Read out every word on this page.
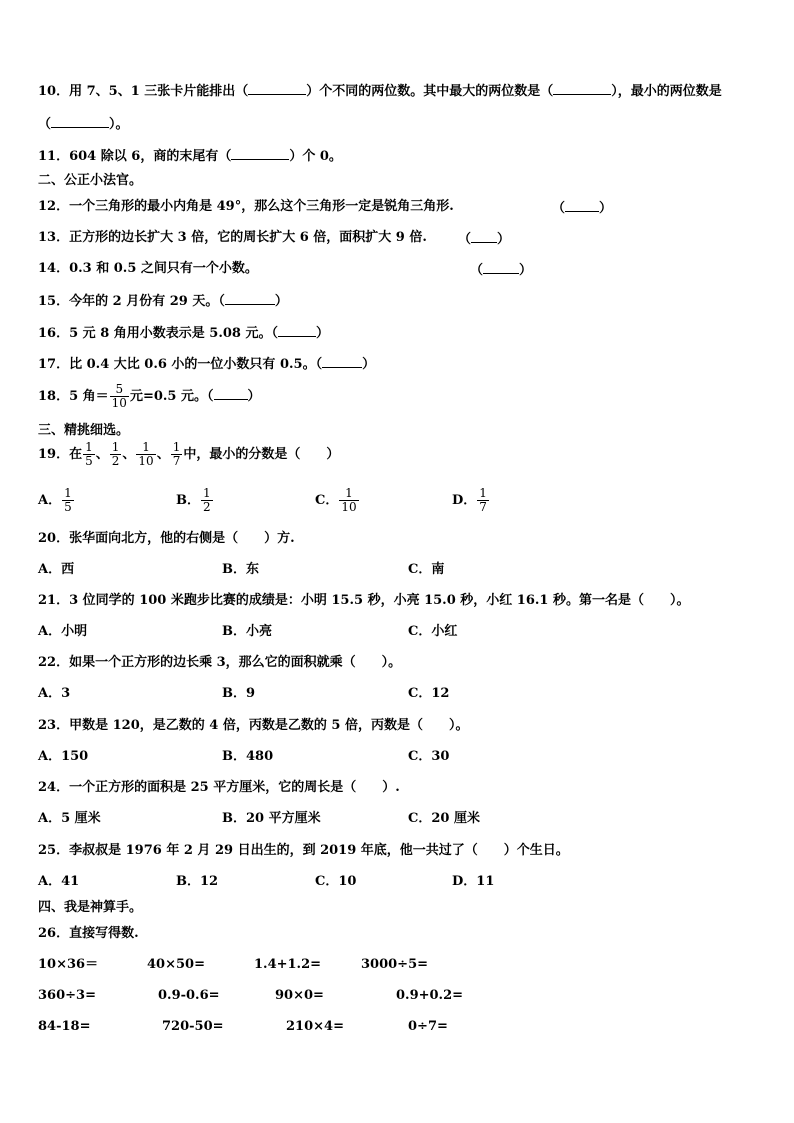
10．用 7、5、1 三张卡片能排出（	）个不同的两位数。其中最大的两位数是（	），最小的两位数是
（	）。
11．604 除以 6，商的末尾有（	）个 0。
二、公正小法官。
12．一个三角形的最小内角是 49°，那么这个三角形一定是锐角三角形.	（	）
13．正方形的边长扩大 3 倍，它的周长扩大 6 倍，面积扩大 9 倍. （ ）
14．0.3 和 0.5 之间只有一个小数。	（	）
15．今年的 2 月份有 29 天。（	）
16．5 元 8 角用小数表示是 5.08 元。（	）
17．比 0.4 大比 0.6 小的一位小数只有 0.5。（	）
18．5 角＝ $\frac{5}{10}$ 元=0.5 元。（	）
三、精挑细选。
19．在 $\frac{1}{5}$ 、 $\frac{1}{2}$ 、 $\frac{1}{10}$ 、 $\frac{1}{7}$ 中，最小的分数是（　　）
A． $\frac{1}{5}$	B． $\frac{1}{2}$	C． $\frac{1}{10}$	D． $\frac{1}{7}$
20．张华面向北方，他的右侧是（　　）方.
A．西	B．东	C．南
21．3 位同学的 100 米跑步比赛的成绩是：小明 15.5 秒，小亮 15.0 秒，小红 16.1 秒。第一名是（　　）。
A．小明	B．小亮	C．小红
22．如果一个正方形的边长乘 3，那么它的面积就乘（　　）。
A．3	B．9	C．12
23．甲数是 120，是乙数的 4 倍，丙数是乙数的 5 倍，丙数是（　　）。
A．150	B．480	C．30
24．一个正方形的面积是 25 平方厘米，它的周长是（　　）.
A．5 厘米	B．20 平方厘米	C．20 厘米
25．李叔叔是 1976 年 2 月 29 日出生的，到 2019 年底，他一共过了（　　）个生日。
A．41	B．12	C．10	D．11
四、我是神算手。
26．直接写得数.
10×36＝	40×50=	1.4+1.2=	3000÷5=
360÷3=	0.9-0.6=	90×0=	0.9+0.2=
84-18=	720-50=	210×4=	0÷7=
